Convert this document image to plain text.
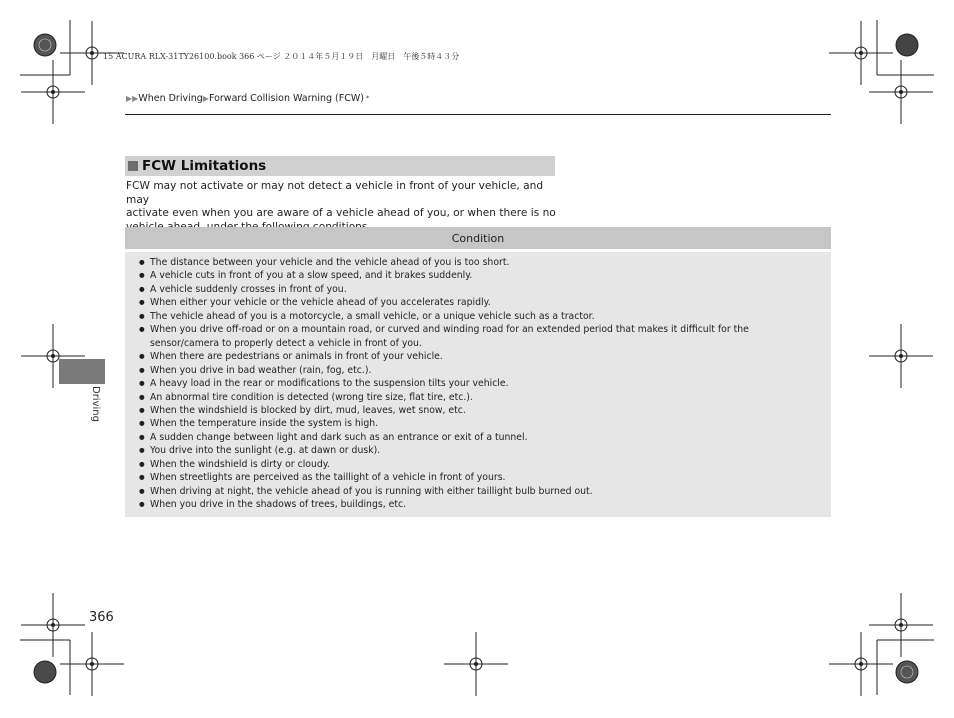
15 ACURA RLX-31TY26100.book 366 ページ ２０１４年５月１９日　月曜日　午後５時４３分
▶▶ When Driving ▶ Forward Collision Warning (FCW) *
FCW Limitations
FCW may not activate or may not detect a vehicle in front of your vehicle, and may
activate even when you are aware of a vehicle ahead of you, or when there is no
Condition
● The distance between your vehicle and the vehicle ahead of you is too short.
● A vehicle cuts in front of you at a slow speed, and it brakes suddenly.
● A vehicle suddenly crosses in front of you.
● When either your vehicle or the vehicle ahead of you accelerates rapidly.
● The vehicle ahead of you is a motorcycle, a small vehicle, or a unique vehicle such as a tractor.
● When you drive off-road or on a mountain road, or curved and winding road for an extended period that makes it difficult for the sensor/camera to properly detect a vehicle in front of you.
● When there are pedestrians or animals in front of your vehicle.
● When you drive in bad weather (rain, fog, etc.).
● A heavy load in the rear or modifications to the suspension tilts your vehicle.
● An abnormal tire condition is detected (wrong tire size, flat tire, etc.).
● When the windshield is blocked by dirt, mud, leaves, wet snow, etc.
● When the temperature inside the system is high.
● A sudden change between light and dark such as an entrance or exit of a tunnel.
● You drive into the sunlight (e.g. at dawn or dusk).
● When the windshield is dirty or cloudy.
● When streetlights are perceived as the taillight of a vehicle in front of yours.
● When driving at night, the vehicle ahead of you is running with either taillight bulb burned out.
● When you drive in the shadows of trees, buildings, etc.
Driving
366
